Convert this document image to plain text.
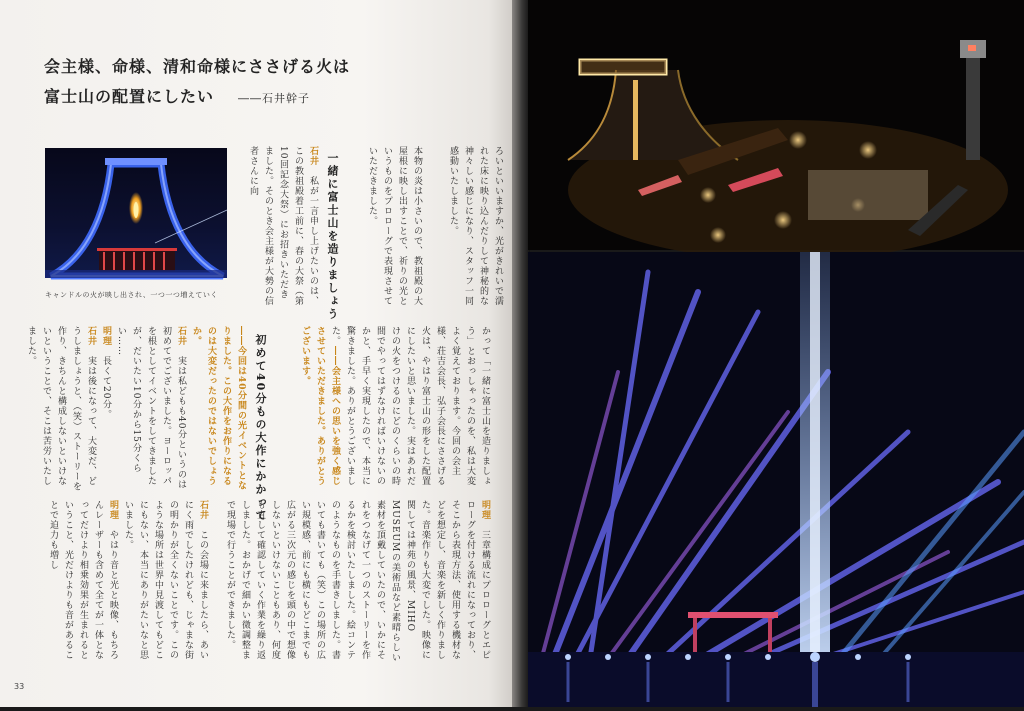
会主様、命様、清和命様にささげる火は
富士山の配置にしたい ――石井幹子
キャンドルの火が映し出され、一つ一つ増えていく	ろいといいますか、光がきれいで濡れた床に映り込んだりして神秘的な神々しい感じになり、スタッフ一同感動いたしました。

本物の炎は小さいので、教祖殿の大屋根に映し出すことで、祈りの光というものをプロローグで表現させていただきました。

一緒に富士山を造りましょう

石井　私が一言申し上げたいのは、この教祖殿着工前に、春の大祭（第10回記念大祭）にお招きいただきました。そのとき会主様が大勢の信者さんに向

かって「一緒に富士山を造りましょう」とおっしゃったのを、私は大変よく覚えております。今回の会主様、荘吉会長、弘子会長にささげる火は、やはり富士山の形をした配置にしたいと思いました。実はあれだけの火をつけるのにどのくらいの時間でやってはずなければいけないのかと、手早く実現したので、本当に驚きました。ありがとうございました。――会主様への思いを強く感じさせていただきました。ありがとうございます。

初めて40分もの大作にかかって

――今回は40分間の光イベントとなりました。この大作をお作りになるのは大変だったのではないでしょうか。
石井　実は私どもも40分というのは初めてでございました。ヨーロッパを根としてイベントをしてきましたが、だいたい10分から15分くらい……
明理　長くて20分。
石井　実は後になって、大変だ、どうしましょうと、（笑）ストーリーを作り、きちんと構成しないといけないということで、そこは苦労いたしました。

明理　三章構成にプロローグとエピローグを付ける流れになっており、そこから表現方法、使用する機材などを想定し、音楽を新しく作りました。音楽作りも大変でした。映像に関しては神苑の風景、MIHO MUSEUMの美術品など素晴らしい素材を頂戴していたので、いかにそれをつなげて一つのストーリーを作るかを検討いたしました。絵コンテのようなものを手書きしました。書いても書いても（笑）この場所の広い規模感、前にも横にもどこまでも広がる三次元の感じを頭の中で想像しないといけないこともあり、何度も直して確認していく作業を繰り返しました。おかげで細かい微調整まで現場で行うことができました。

石井　この会場に来ましたら、あいにく雨でしたけれども、じゃまな街の明かりが全くないことです。このような場所は世界中見渡してもどこにもない、本当にありがたいなと思いました。
明理　やはり音と光と映像、もちろんレーザーも含めて全てが一体となってだけより相乗効果が生まれるということ、光だけよりも音があることで迫力も増し

33
